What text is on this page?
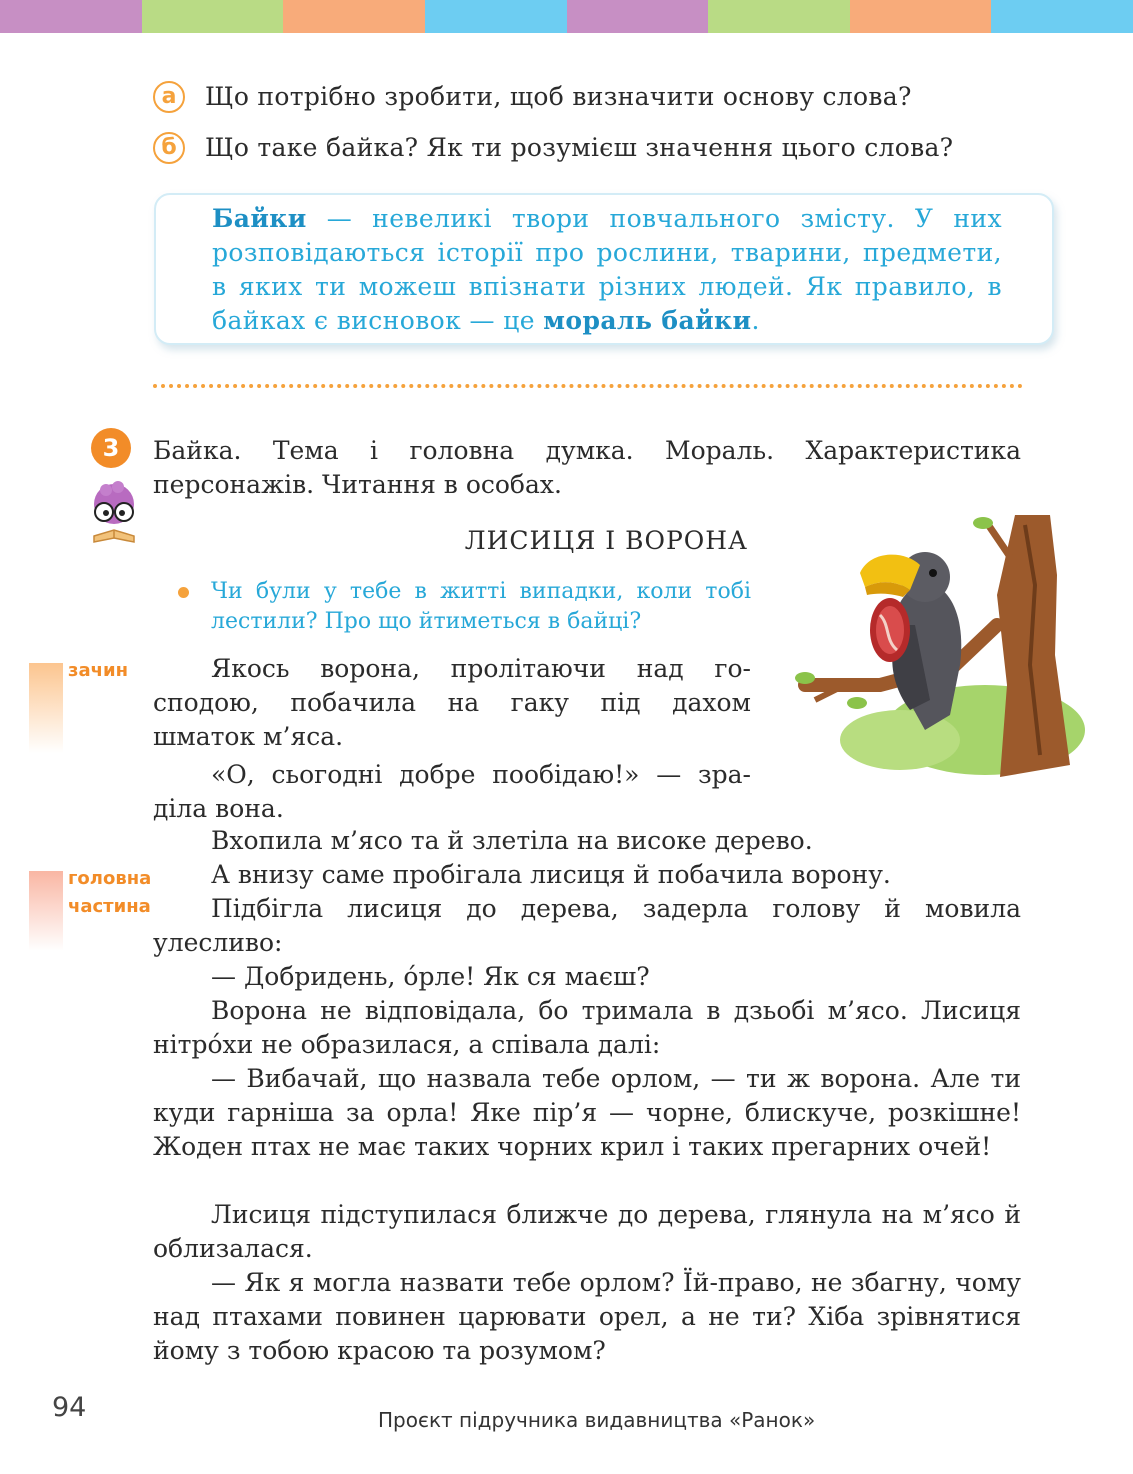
а	Що потрібно зробити, щоб визначити основу слова?
б	Що таке байка? Як ти розумієш значення цього слова?

Байки — невеликі твори повчального змісту. У них розповідаються історії про рослини, тварини, предмети, в яких ти можеш впізнати різних людей. Як правило, в байках є висновок — це мораль байки.

3	Байка. Тема і головна думка. Мораль. Характеристика персонажів. Читання в особах.

ЛИСИЦЯ І ВОРОНА

Чи були у тебе в житті випадки, коли тобі лестили? Про що йтиметься в байці?

зачин
головна
частина

Якось ворона, пролітаючи над го-

сподою, побачила на гаку під дахом
шматок м’яса.

«О, сьогодні добре пообідаю!» — зра-

діла вона.

Вхопила м’ясо та й злетіла на високе дерево.

А внизу саме пробігала лисиця й побачила ворону.

Підбігла лисиця до дерева, задерла голову й мовила улесливо:

— Добридень, о́рле! Як ся маєш?

Ворона не відповідала, бо тримала в дзьобі м’ясо. Лисиця нітро́хи не образилася, а співала далі:

— Вибачай, що назвала тебе орлом, — ти ж ворона. Але ти куди гарніша за орла! Яке пір’я — чорне, блискуче, розкішне! Жоден птах не має таких чорних крил і таких прегарних очей!

Лисиця підступилася ближче до дерева, глянула на м’ясо й облизалася.

— Як я могла назвати тебе орлом? Їй-право, не збагну, чому над птахами повинен царювати орел, а не ти? Хіба зрівнятися йому з тобою красою та розумом?

94	Проєкт підручника видавництва «Ранок»
